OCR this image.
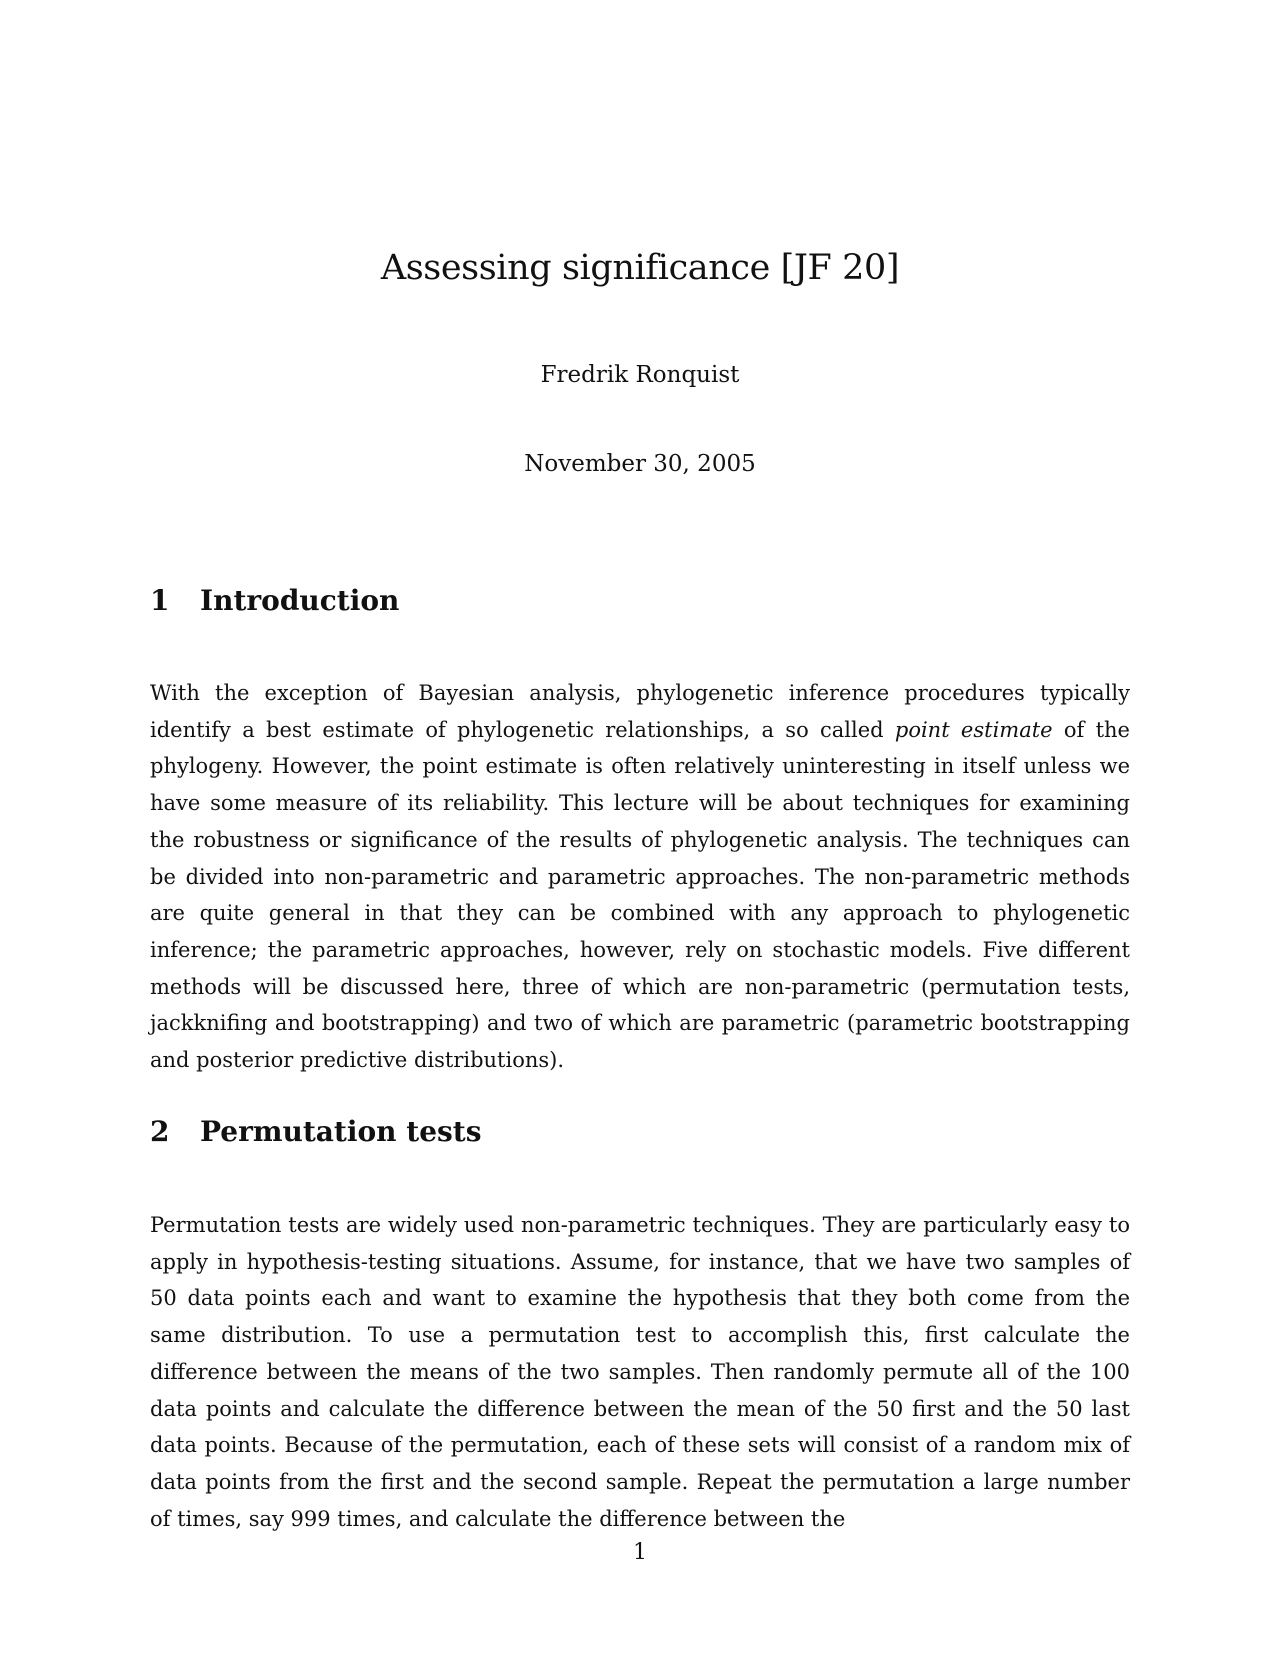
Assessing significance [JF 20]
Fredrik Ronquist
November 30, 2005
1 Introduction

With the exception of Bayesian analysis, phylogenetic inference procedures typically identify a best estimate of phylogenetic relationships, a so called point estimate of the phylogeny. However, the point estimate is often relatively uninteresting in itself unless we have some measure of its reliability. This lecture will be about techniques for examining the robustness or significance of the results of phylogenetic analysis. The techniques can be divided into non-parametric and parametric approaches. The non-parametric methods are quite general in that they can be combined with any approach to phylogenetic inference; the parametric approaches, however, rely on stochastic models. Five different methods will be discussed here, three of which are non-parametric (permutation tests, jackknifing and bootstrapping) and two of which are parametric (parametric bootstrapping and posterior predictive distributions).

2 Permutation tests

Permutation tests are widely used non-parametric techniques. They are particularly easy to apply in hypothesis-testing situations. Assume, for instance, that we have two samples of 50 data points each and want to examine the hypothesis that they both come from the same distribution. To use a permutation test to accomplish this, first calculate the difference between the means of the two samples. Then randomly permute all of the 100 data points and calculate the difference between the mean of the 50 first and the 50 last data points. Because of the permutation, each of these sets will consist of a random mix of data points from the first and the second sample. Repeat the permutation a large number of times, say 999 times, and calculate the difference between the

1
